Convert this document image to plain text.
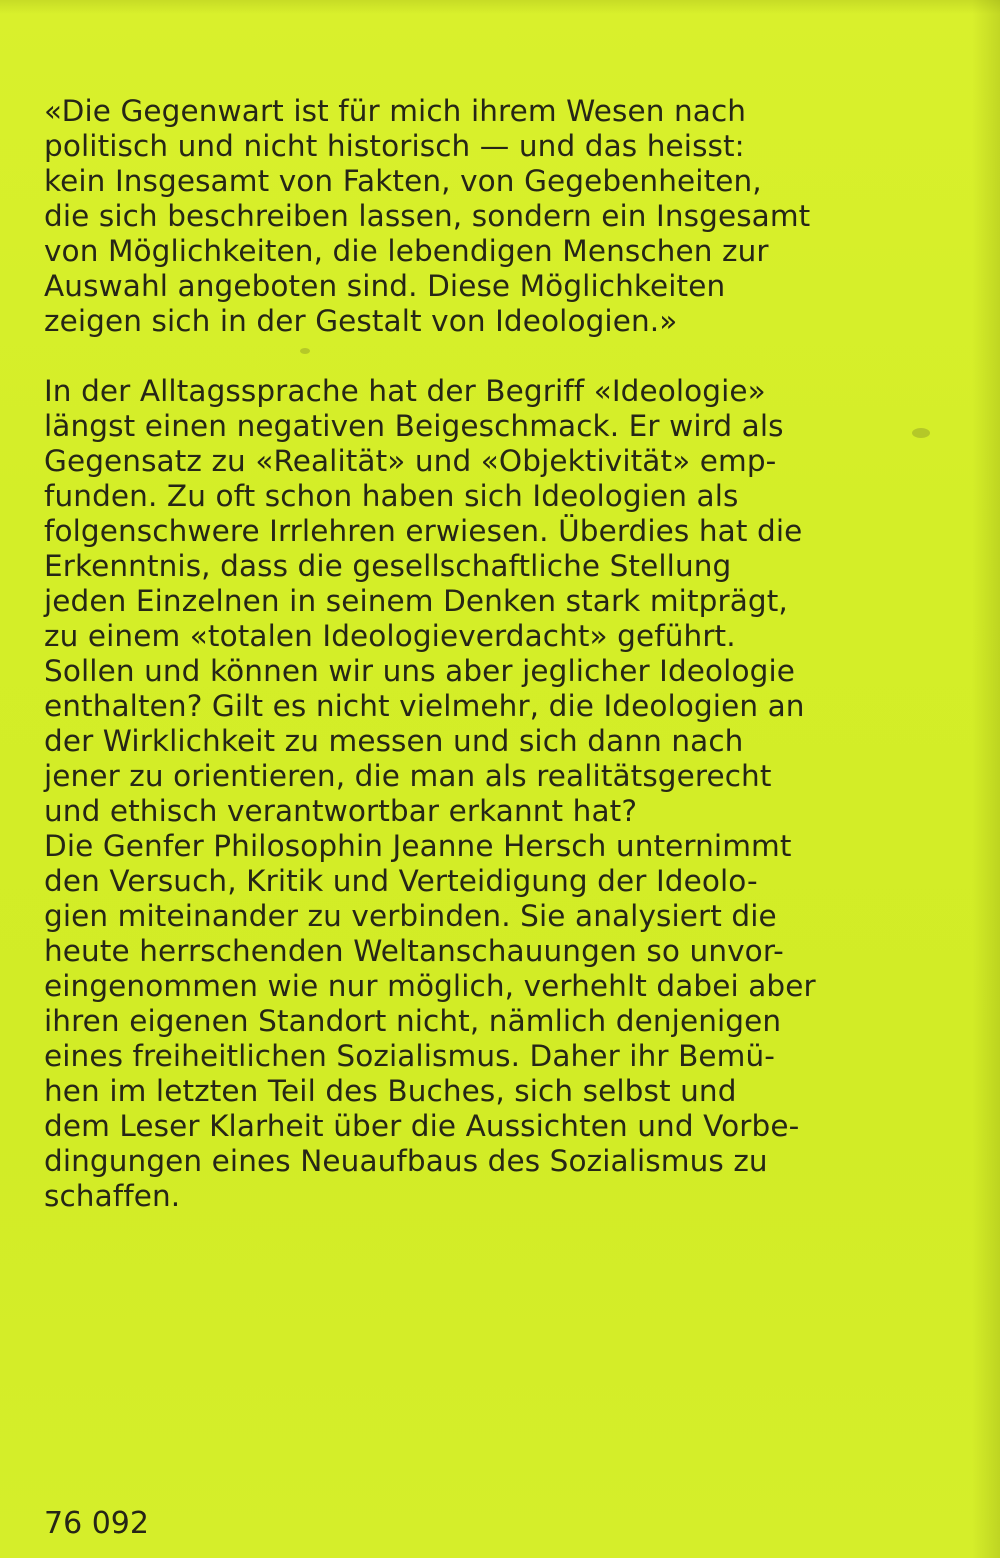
«Die Gegenwart ist für mich ihrem Wesen nach
politisch und nicht historisch — und das heisst:
kein Insgesamt von Fakten, von Gegebenheiten,
die sich beschreiben lassen, sondern ein Insgesamt
von Möglichkeiten, die lebendigen Menschen zur
Auswahl angeboten sind. Diese Möglichkeiten
zeigen sich in der Gestalt von Ideologien.»
In der Alltagssprache hat der Begriff «Ideologie»
längst einen negativen Beigeschmack. Er wird als
Gegensatz zu «Realität» und «Objektivität» emp-
funden. Zu oft schon haben sich Ideologien als
folgenschwere Irrlehren erwiesen. Überdies hat die
Erkenntnis, dass die gesellschaftliche Stellung
jeden Einzelnen in seinem Denken stark mitprägt,
zu einem «totalen Ideologieverdacht» geführt.
Sollen und können wir uns aber jeglicher Ideologie
enthalten? Gilt es nicht vielmehr, die Ideologien an
der Wirklichkeit zu messen und sich dann nach
jener zu orientieren, die man als realitätsgerecht
und ethisch verantwortbar erkannt hat?
Die Genfer Philosophin Jeanne Hersch unternimmt
den Versuch, Kritik und Verteidigung der Ideolo-
gien miteinander zu verbinden. Sie analysiert die
heute herrschenden Weltanschauungen so unvor-
eingenommen wie nur möglich, verhehlt dabei aber
ihren eigenen Standort nicht, nämlich denjenigen
eines freiheitlichen Sozialismus. Daher ihr Bemü-
hen im letzten Teil des Buches, sich selbst und
dem Leser Klarheit über die Aussichten und Vorbe-
dingungen eines Neuaufbaus des Sozialismus zu
schaffen.
76 092
